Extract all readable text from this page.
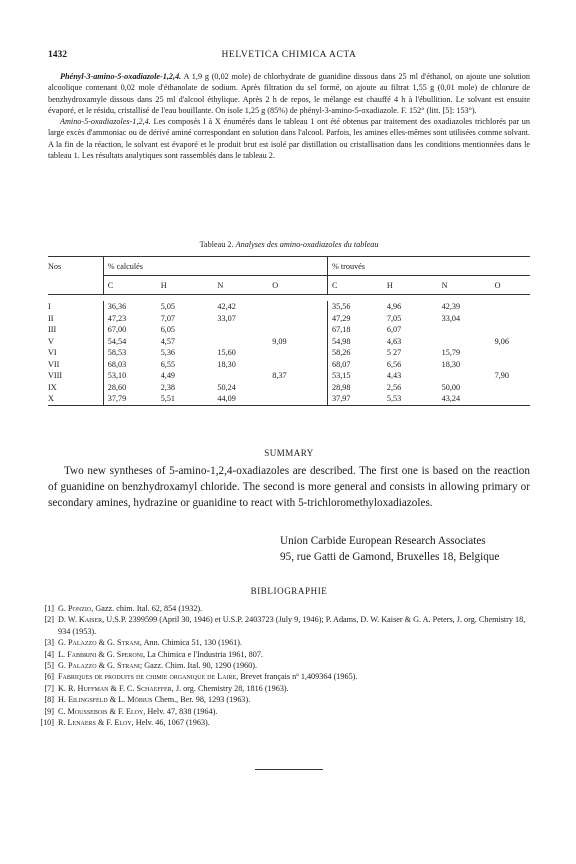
1432	HELVETICA CHIMICA ACTA

Phényl-3-amino-5-oxadiazole-1,2,4. A 1,9 g (0,02 mole) de chlorhydrate de guanidine dissous dans 25 ml d'éthanol, on ajoute une solution alcoolique contenant 0,02 mole d'éthanolate de sodium. Après filtration du sel formé, on ajoute au filtrat 1,55 g (0,01 mole) de chlorure de benzhydroxamyle dissous dans 25 ml d'alcool éthylique. Après 2 h de repos, le mélange est chauffé 4 h à l'ébullition. Le solvant est ensuite évaporé, et le résidu, cristallisé de l'eau bouillante. On isole 1,25 g (85%) de phényl-3-amino-5-oxadiazole. F. 152° (litt. [5]: 153°).

Amino-5-oxadiazoles-1,2,4. Les composés I à X énumérés dans le tableau 1 ont été obtenus par traitement des oxadiazoles trichlorés par un large excès d'ammoniac ou de dérivé aminé correspondant en solution dans l'alcool. Parfois, les amines elles-mêmes sont utilisées comme solvant. A la fin de la réaction, le solvant est évaporé et le produit brut est isolé par distillation ou cristallisation dans les conditions mentionnées dans le tableau 1. Les résultats analytiques sont rassemblés dans le tableau 2.

Tableau 2. Analyses des amino-oxadiazoles du tableau
Nos	% calculés				% trouvés			
	C	H	N	O	C	H	N	O

I	36,36	5,05	42,42		35,56	4,96	42,39	
II	47,23	7,07	33,07		47,29	7,05	33,04	
III	67,00	6,05			67,18	6,07		
V	54,54	4,57		9,09	54,98	4,63		9,06
VI	58,53	5,36	15,60		58,26	5 27	15,79	
VII	68,03	6,55	18,30		68,07	6,56	18,30	
VIII	53,10	4,49		8,37	53,15	4,43		7,90
IX	28,60	2,38	50,24		28,98	2,56	50,00	
X	37,79	5,51	44,09		37,97	5,53	43,24	
SUMMARY

Two new syntheses of 5-amino-1,2,4-oxadiazoles are described. The first one is based on the reaction of guanidine on benzhydroxamyl chloride. The second is more general and consists in allowing primary or secondary amines, hydrazine or guanidine to react with 5-trichloromethyloxadiazoles.

Union Carbide European Research Associates
95, rue Gatti de Gamond, Bruxelles 18, Belgique
BIBLIOGRAPHIE
[1] G. Ponzio, Gazz. chim. Ital. 62, 854 (1932).
[2] D. W. Kaiser, U.S.P. 2399599 (April 30, 1946) et U.S.P. 2403723 (July 9, 1946); P. Adams, D. W. Kaiser & G. A. Peters, J. org. Chemistry 18, 934 (1953).
[3] G. Palazzo & G. Strani, Ann. Chimica 51, 130 (1961).
[4] L. Fabbrini & G. Speroni, La Chimica e l'Industria 1961, 807.
[5] G. Palazzo & G. Strani; Gazz. Chim. Ital. 90, 1290 (1960).
[6] Fabriques de produits de chimie organique de Laire, Brevet français nº 1,409364 (1965).
[7] K. R. Huffman & F. C. Schaeffer, J. org. Chemistry 28, 1816 (1963).
[8] H. Eilingsfeld & L. Möbius Chem., Ber. 98, 1293 (1963).
[9] C. Moussebois & F. Eloy, Helv. 47, 838 (1964).
[10] R. Lenaers & F. Eloy, Helv. 46, 1067 (1963).
